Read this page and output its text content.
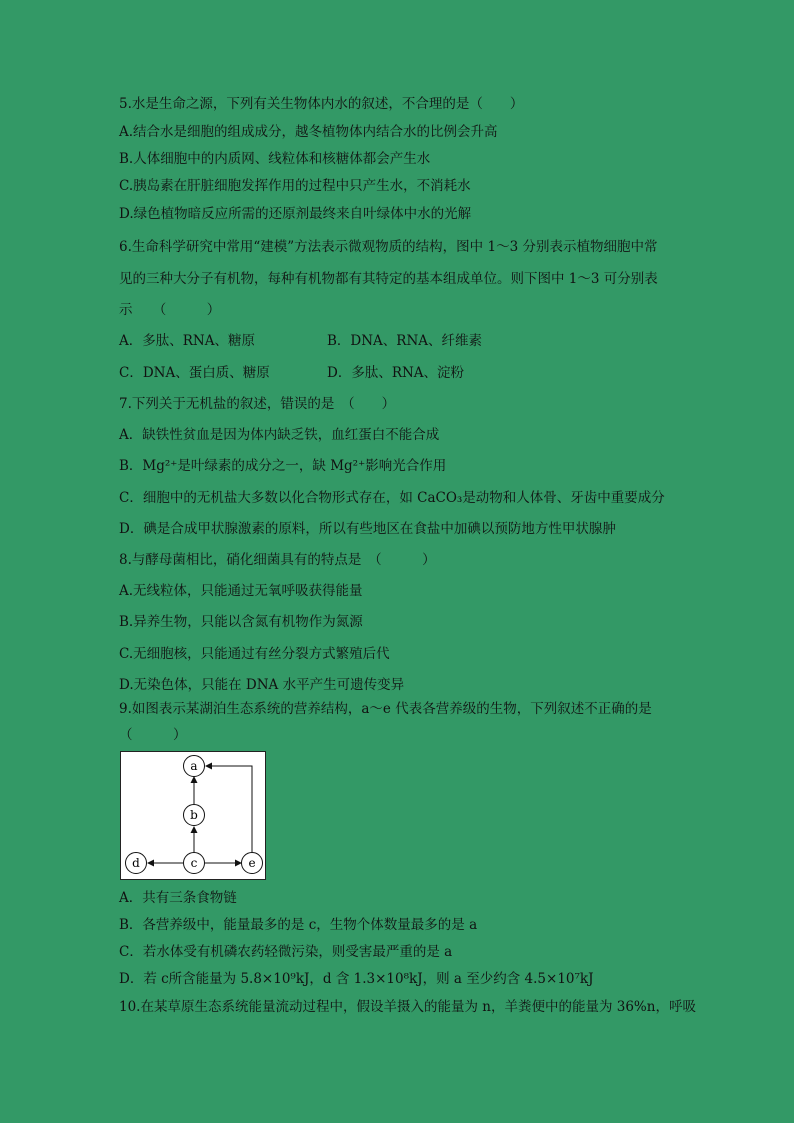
5.水是生命之源，下列有关生物体内水的叙述，不合理的是（　　）
A.结合水是细胞的组成成分，越冬植物体内结合水的比例会升高
B.人体细胞中的内质网、线粒体和核糖体都会产生水
C.胰岛素在肝脏细胞发挥作用的过程中只产生水，不消耗水
D.绿色植物暗反应所需的还原剂最终来自叶绿体中水的光解
6.生命科学研究中常用“建模”方法表示微观物质的结构，图中 1～3 分别表示植物细胞中常
见的三种大分子有机物，每种有机物都有其特定的基本组成单位。则下图中 1～3 可分别表
示　　（　　　）
A．多肽、RNA、糖原	B．DNA、RNA、纤维素
C．DNA、蛋白质、糖原	D．多肽、RNA、淀粉
7.下列关于无机盐的叙述，错误的是　（　　）
A．缺铁性贫血是因为体内缺乏铁，血红蛋白不能合成
B．Mg²⁺是叶绿素的成分之一，缺 Mg²⁺影响光合作用
C．细胞中的无机盐大多数以化合物形式存在，如 CaCO₃是动物和人体骨、牙齿中重要成分
D．碘是合成甲状腺激素的原料，所以有些地区在食盐中加碘以预防地方性甲状腺肿
8.与酵母菌相比，硝化细菌具有的特点是　（　　　）
A.无线粒体，只能通过无氧呼吸获得能量
B.异养生物，只能以含氮有机物作为氮源
C.无细胞核，只能通过有丝分裂方式繁殖后代
D.无染色体，只能在 DNA 水平产生可遗传变异
9.如图表示某湖泊生态系统的营养结构，a～e 代表各营养级的生物，下列叙述不正确的是
（　　　）
a
b
c
d	e
A．共有三条食物链
B．各营养级中，能量最多的是 c，生物个体数量最多的是 a
C．若水体受有机磷农药轻微污染，则受害最严重的是 a
D．若 c所含能量为 5.8×10⁹kJ，d 含 1.3×10⁸kJ，则 a 至少约含 4.5×10⁷kJ
10.在某草原生态系统能量流动过程中，假设羊摄入的能量为 n，羊粪便中的能量为 36%n，呼吸
